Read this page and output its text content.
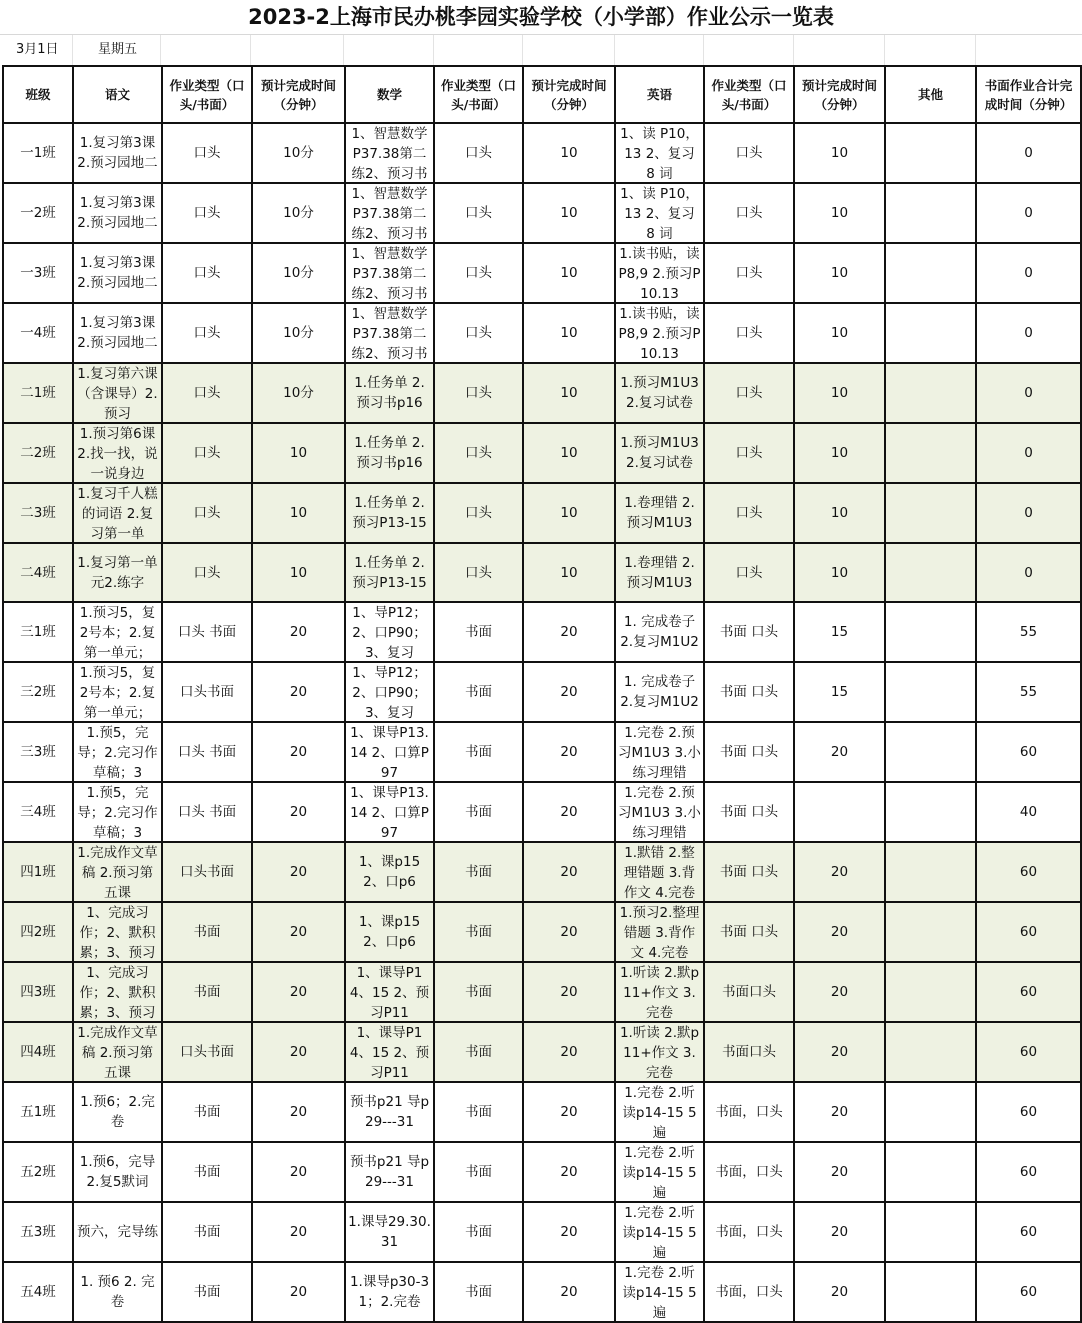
2023-2上海市民办桃李园实验学校（小学部）作业公示一览表
3月1日	星期五
班级	语文	作业类型（口头/书面）	预计完成时间（分钟）	数学	作业类型（口头/书面）	预计完成时间（分钟）	英语	作业类型（口头/书面）	预计完成时间（分钟）	其他	书面作业合计完成时间（分钟）

一1班	1.复习第3课 2.预习园地二	口头	10分	1、智慧数学P37.38第二练2、预习书	口头	10	1、读 P10，13 2、复习 8 词	口头	10		0

一2班	1.复习第3课 2.预习园地二	口头	10分	1、智慧数学P37.38第二练2、预习书	口头	10	1、读 P10，13 2、复习 8 词	口头	10		0

一3班	1.复习第3课 2.预习园地二	口头	10分	1、智慧数学P37.38第二练2、预习书	口头	10	1.读书贴，读P8,9 2.预习P10.13	口头	10		0

一4班	1.复习第3课 2.预习园地二	口头	10分	1、智慧数学P37.38第二练2、预习书	口头	10	1.读书贴，读P8,9 2.预习P10.13	口头	10		0

二1班	1.复习第六课（含课导）2.预习	口头	10分	1.任务单 2.预习书p16	口头	10	1.预习M1U3 2.复习试卷	口头	10		0

二2班	1.预习第6课 2.找一找，说一说身边	口头	10	1.任务单 2.预习书p16	口头	10	1.预习M1U3 2.复习试卷	口头	10		0

二3班	1.复习千人糕的词语 2.复习第一单	口头	10	1.任务单 2.预习P13-15	口头	10	1.卷理错 2.预习M1U3	口头	10		0

二4班	1.复习第一单元2.练字	口头	10	1.任务单 2.预习P13-15	口头	10	1.卷理错 2.预习M1U3	口头	10		0

三1班	1.预习5，复2号本；2.复第一单元；	口头 书面	20	1、导P12；2、口P90；3、复习	书面	20	1. 完成卷子 2.复习M1U2	书面 口头	15		55

三2班	1.预习5，复2号本；2.复第一单元；	口头书面	20	1、导P12；2、口P90；3、复习	书面	20	1. 完成卷子 2.复习M1U2	书面 口头	15		55

三3班	1.预5，完导；2.完习作草稿；3	口头 书面	20	1、课导P13.14 2、口算P97	书面	20	1.完卷 2.预习M1U3 3.小练习理错	书面 口头	20		60

三4班	1.预5，完导；2.完习作草稿；3	口头 书面	20	1、课导P13.14 2、口算P97	书面	20	1.完卷 2.预习M1U3 3.小练习理错	书面 口头			40

四1班	1.完成作文草稿 2.预习第五课	口头书面	20	1、课p15 2、口p6	书面	20	1.默错 2.整理错题 3.背作文 4.完卷	书面 口头	20		60

四2班	1、完成习作；2、默积累；3、预习	书面	20	1、课p15 2、口p6	书面	20	1.预习2.整理错题 3.背作文 4.完卷	书面 口头	20		60

四3班	1、完成习作；2、默积累；3、预习	书面	20	1、课导P14、15 2、预习P11	书面	20	1.听读 2.默p11+作文 3.完卷	书面口头	20		60

四4班	1.完成作文草稿 2.预习第五课	口头书面	20	1、课导P14、15 2、预习P11	书面	20	1.听读 2.默p11+作文 3.完卷	书面口头	20		60

五1班	1.预6；2.完卷	书面	20	预书p21 导p29---31	书面	20	1.完卷 2.听读p14-15 5遍	书面，口头	20		60

五2班	1.预6，完导 2.复5默词	书面	20	预书p21 导p29---31	书面	20	1.完卷 2.听读p14-15 5遍	书面，口头	20		60

五3班	预六，完导练	书面	20	1.课导29.30.31	书面	20	1.完卷 2.听读p14-15 5遍	书面，口头	20		60

五4班	1. 预6 2. 完卷	书面	20	1.课导p30-31；2.完卷	书面	20	1.完卷 2.听读p14-15 5遍	书面，口头	20		60
